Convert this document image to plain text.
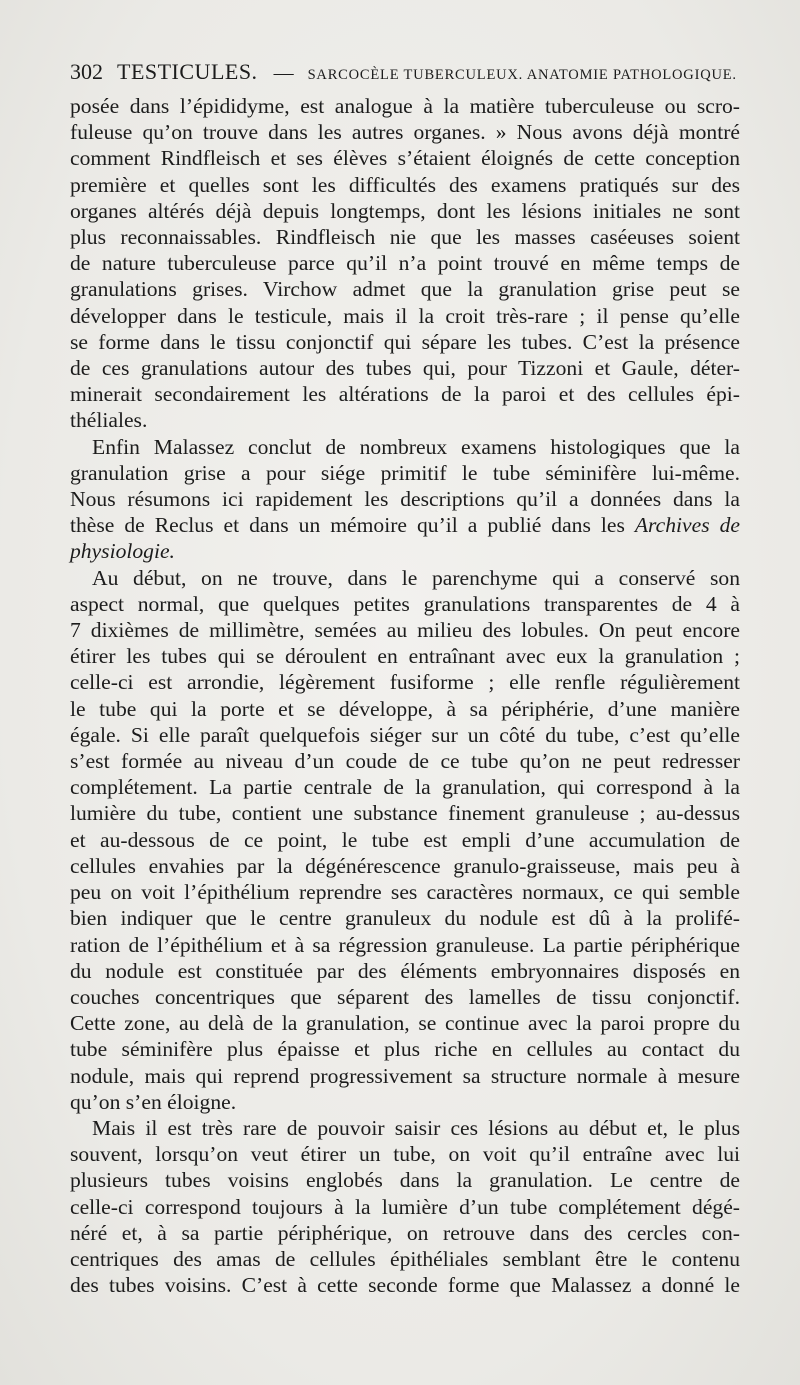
302 TESTICULES. — SARCOCÈLE TUBERCULEUX. ANATOMIE PATHOLOGIQUE.

posée dans l’épididyme, est analogue à la matière tuberculeuse ou scro-
fuleuse qu’on trouve dans les autres organes. » Nous avons déjà montré
comment Rindfleisch et ses élèves s’étaient éloignés de cette conception
première et quelles sont les difficultés des examens pratiqués sur des
organes altérés déjà depuis longtemps, dont les lésions initiales ne sont
plus reconnaissables. Rindfleisch nie que les masses caséeuses soient
de nature tuberculeuse parce qu’il n’a point trouvé en même temps de
granulations grises. Virchow admet que la granulation grise peut se
développer dans le testicule, mais il la croit très-rare ; il pense qu’elle
se forme dans le tissu conjonctif qui sépare les tubes. C’est la présence
de ces granulations autour des tubes qui, pour Tizzoni et Gaule, déter-
minerait secondairement les altérations de la paroi et des cellules épi-
théliales.

Enfin Malassez conclut de nombreux examens histologiques que la
granulation grise a pour siége primitif le tube séminifère lui-même.
Nous résumons ici rapidement les descriptions qu’il a données dans la
thèse de Reclus et dans un mémoire qu’il a publié dans les Archives de
physiologie.

Au début, on ne trouve, dans le parenchyme qui a conservé son
aspect normal, que quelques petites granulations transparentes de 4 à
7 dixièmes de millimètre, semées au milieu des lobules. On peut encore
étirer les tubes qui se déroulent en entraînant avec eux la granulation ;
celle-ci est arrondie, légèrement fusiforme ; elle renfle régulièrement
le tube qui la porte et se développe, à sa périphérie, d’une manière
égale. Si elle paraît quelquefois siéger sur un côté du tube, c’est qu’elle
s’est formée au niveau d’un coude de ce tube qu’on ne peut redresser
complétement. La partie centrale de la granulation, qui correspond à la
lumière du tube, contient une substance finement granuleuse ; au-dessus
et au-dessous de ce point, le tube est empli d’une accumulation de
cellules envahies par la dégénérescence granulo-graisseuse, mais peu à
peu on voit l’épithélium reprendre ses caractères normaux, ce qui semble
bien indiquer que le centre granuleux du nodule est dû à la prolifé-
ration de l’épithélium et à sa régression granuleuse. La partie périphérique
du nodule est constituée par des éléments embryonnaires disposés en
couches concentriques que séparent des lamelles de tissu conjonctif.
Cette zone, au delà de la granulation, se continue avec la paroi propre du
tube séminifère plus épaisse et plus riche en cellules au contact du
nodule, mais qui reprend progressivement sa structure normale à mesure
qu’on s’en éloigne.

Mais il est très rare de pouvoir saisir ces lésions au début et, le plus
souvent, lorsqu’on veut étirer un tube, on voit qu’il entraîne avec lui
plusieurs tubes voisins englobés dans la granulation. Le centre de
celle-ci correspond toujours à la lumière d’un tube complétement dégé-
néré et, à sa partie périphérique, on retrouve dans des cercles con-
centriques des amas de cellules épithéliales semblant être le contenu
des tubes voisins. C’est à cette seconde forme que Malassez a donné le
